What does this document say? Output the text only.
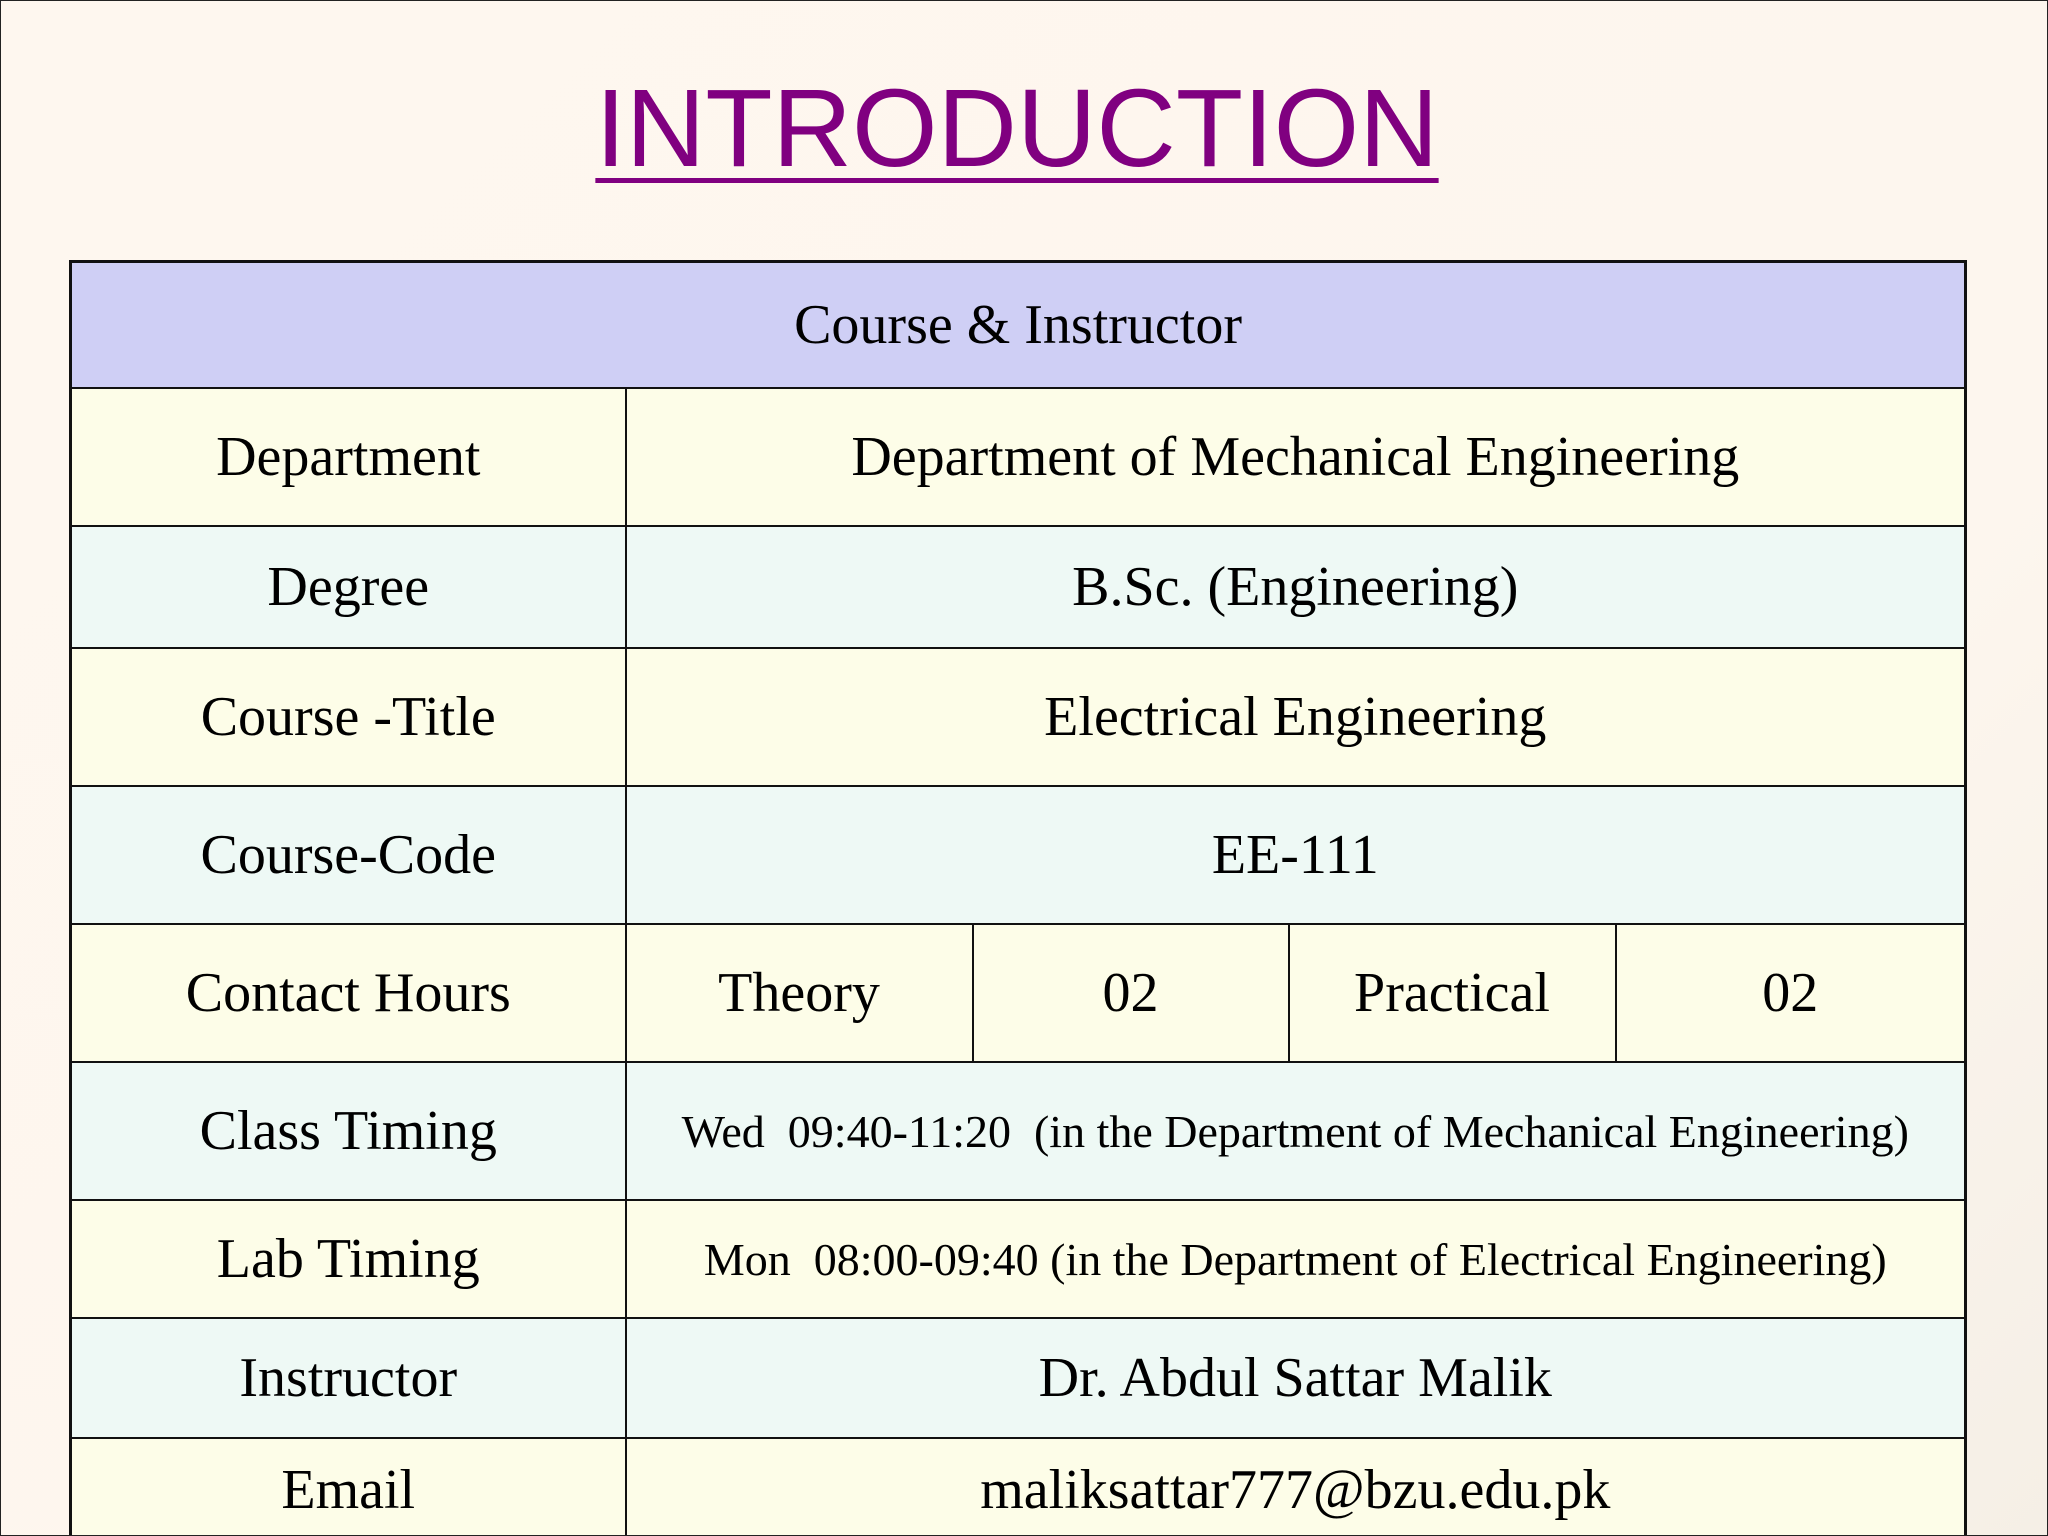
INTRODUCTION
Course & Instructor				
Department	Department of Mechanical Engineering			
Degree	B.Sc. (Engineering)			
Course -Title	Electrical Engineering			
Course-Code	EE-111			
Contact Hours	Theory	02	Practical	02
Class Timing	Wed  09:40-11:20  (in the Department of Mechanical Engineering)			
Lab Timing	Mon  08:00-09:40 (in the Department of Electrical Engineering)			
Instructor	Dr. Abdul Sattar Malik			
Email	maliksattar777@bzu.edu.pk			
